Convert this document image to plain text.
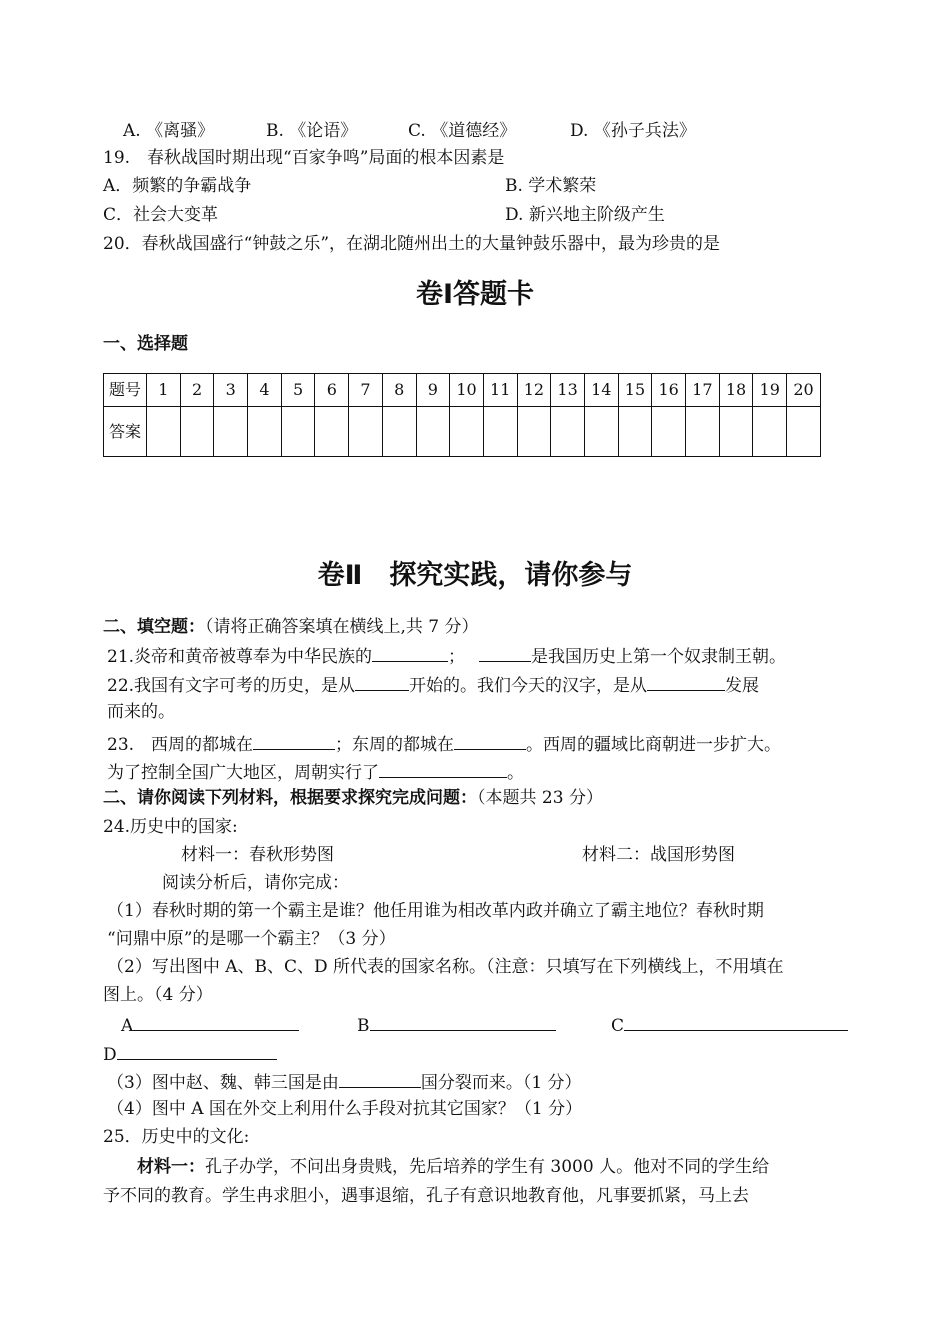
A. 《离骚》	B. 《论语》	C. 《道德经》	D. 《孙子兵法》
19.　春秋战国时期出现“百家争鸣”局面的根本因素是
A．频繁的争霸战争	B. 学术繁荣
C．社会大变革	D. 新兴地主阶级产生
20．春秋战国盛行“钟鼓之乐”，在湖北随州出土的大量钟鼓乐器中，最为珍贵的是
卷Ⅰ答题卡
一、选择题
题号	1	2	3	4	5	6	7	8	9	10	11	12	13	14	15	16	17	18	19	20
答案																				
卷Ⅱ　探究实践，请你参与
二、填空题：（请将正确答案填在横线上,共 7 分）
21.炎帝和黄帝被尊奉为中华民族的	；	是我国历史上第一个奴隶制王朝。
22.我国有文字可考的历史，是从	开始的。我们今天的汉字，是从	发展
而来的。
23.　西周的都城在	；东周的都城在	。西周的疆域比商朝进一步扩大。
为了控制全国广大地区，周朝实行了	。
二、请你阅读下列材料，根据要求探究完成问题：（本题共 23 分）
24.历史中的国家:
材料一：春秋形势图	材料二：战国形势图
阅读分析后，请你完成：
（1）春秋时期的第一个霸主是谁？他任用谁为相改革内政并确立了霸主地位？春秋时期
“问鼎中原”的是哪一个霸主？（3 分）
（2）写出图中 A、B、C、D 所代表的国家名称。（注意：只填写在下列横线上，不用填在
图上。（4 分）
A	B	C
D
（3）图中赵、魏、韩三国是由	国分裂而来。（1 分）
（4）图中 A 国在外交上利用什么手段对抗其它国家？（1 分）
25．历史中的文化:
材料一：孔子办学，不问出身贵贱，先后培养的学生有 3000 人。他对不同的学生给
予不同的教育。学生冉求胆小，遇事退缩，孔子有意识地教育他，凡事要抓紧，马上去
